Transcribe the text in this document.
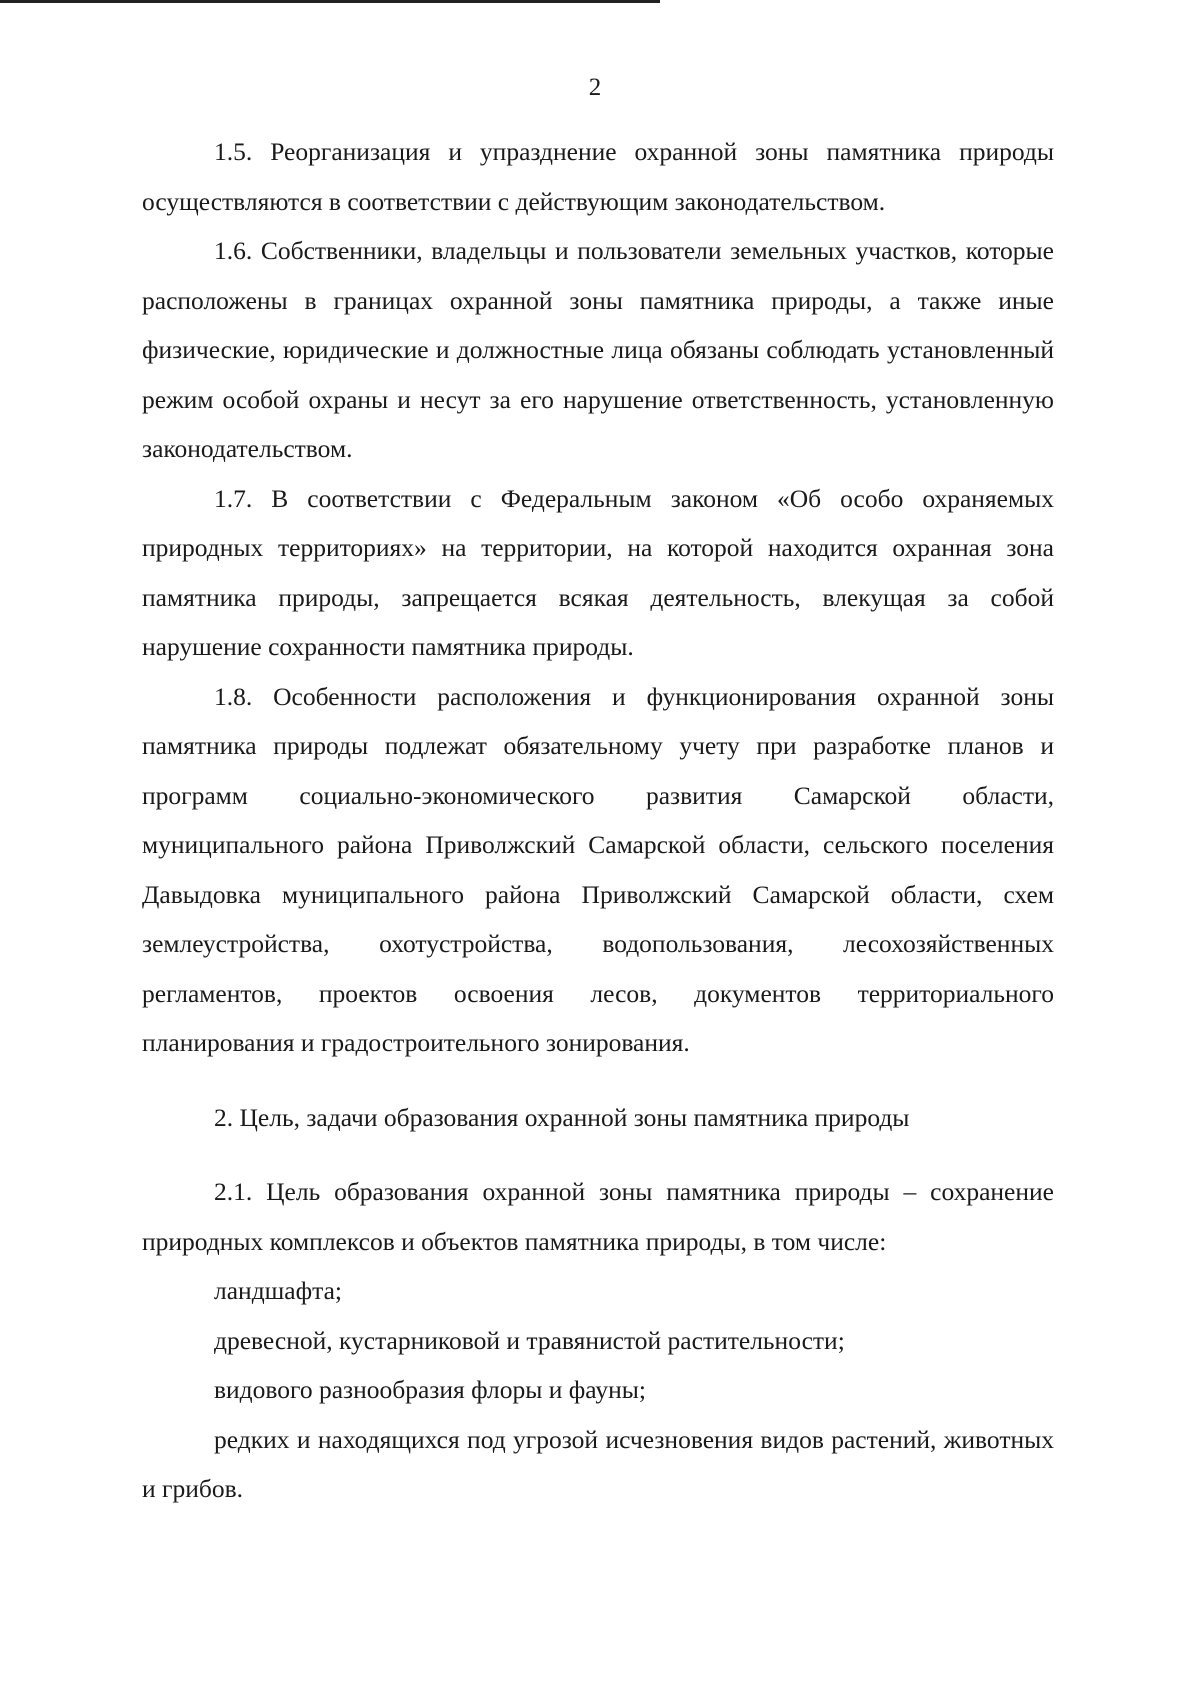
2

1.5. Реорганизация и упразднение охранной зоны памятника природы осуществляются в соответствии с действующим законодательством.

1.6. Собственники, владельцы и пользователи земельных участков, которые расположены в границах охранной зоны памятника природы, а также иные физические, юридические и должностные лица обязаны соблюдать установленный режим особой охраны и несут за его нарушение ответственность, установленную законодательством.

1.7. В соответствии с Федеральным законом «Об особо охраняемых природных территориях» на территории, на которой находится охранная зона памятника природы, запрещается всякая деятельность, влекущая за собой нарушение сохранности памятника природы.

1.8. Особенности расположения и функционирования охранной зоны памятника природы подлежат обязательному учету при разработке планов и программ социально-экономического развития Самарской области, муниципального района Приволжский Самарской области, сельского поселения Давыдовка муниципального района Приволжский Самарской области, схем землеустройства, охотустройства, водопользования, лесохозяйственных регламентов, проектов освоения лесов, документов территориального планирования и градостроительного зонирования.

2. Цель, задачи образования охранной зоны памятника природы

2.1. Цель образования охранной зоны памятника природы – сохранение природных комплексов и объектов памятника природы, в том числе:

ландшафта;

древесной, кустарниковой и травянистой растительности;

видового разнообразия флоры и фауны;

редких и находящихся под угрозой исчезновения видов растений, животных и грибов.
